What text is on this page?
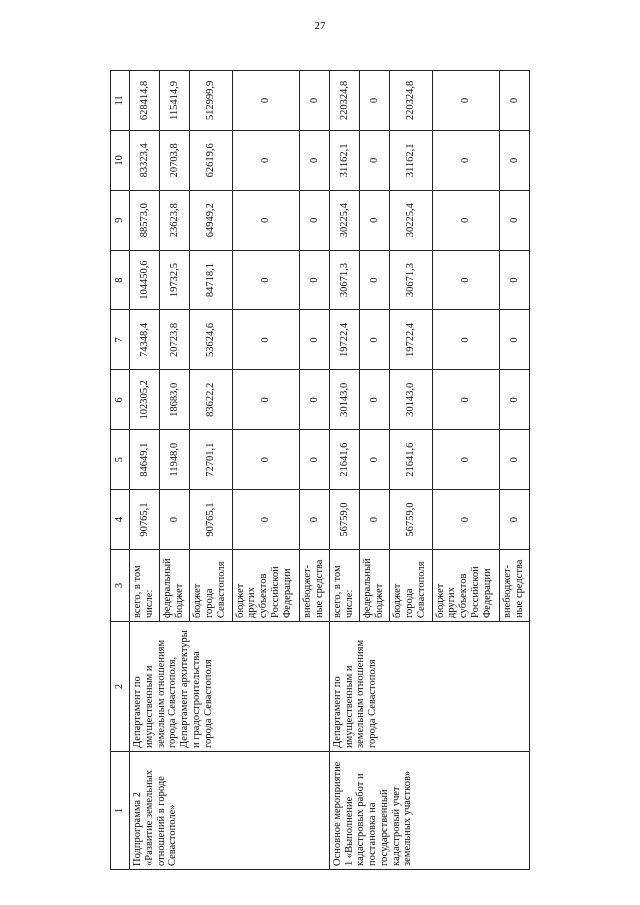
27
1	2	3	4	5	6	7	8	9	10	11
Подпрограмма 2 «Развитие земельных отношений в городе Севастополе»	Департамент по имущественным и земельным отношениям города Севастополя, Департамент архитектуры и градостроительства города Севастополя	всего, в том числе:	90765,1	84649,1	102305,2	74348,4	104450,6	88573,0	83323,4	628414,8
		федеральный бюджет	0	11948,0	18683,0	20723,8	19732,5	23623,8	20703,8	115414,9
		бюджет города Севастополя	90765,1	72701,1	83622,2	53624,6	84718,1	64949,2	62619,6	512999,9
		бюджет других субъектов Российской Федерации	0	0	0	0	0	0	0	0
		внебюджет-ные средства	0	0	0	0	0	0	0	0
Основное мероприятие 1 «Выполнение кадастровых работ и постановка на государственный кадастровый учет земельных участков»	Департамент по имущественным и земельным отношениям города Севастополя	всего, в том числе:	56759,0	21641,6	30143,0	19722,4	30671,3	30225,4	31162,1	220324,8
		федеральный бюджет	0	0	0	0	0	0	0	0
		бюджет города Севастополя	56759,0	21641,6	30143,0	19722,4	30671,3	30225,4	31162,1	220324,8
		бюджет других субъектов Российской Федерации	0	0	0	0	0	0	0	0
		внебюджет-ные средства	0	0	0	0	0	0	0	0
